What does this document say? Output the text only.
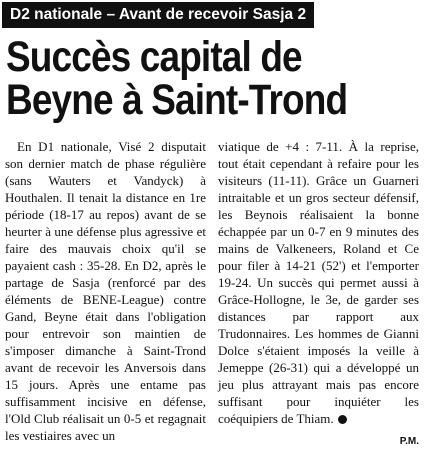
D2 nationale – Avant de recevoir Sasja 2
Succès capital de
Beyne à Saint-Trond

En D1 nationale, Visé 2 disputait son dernier match de phase régulière (sans Wauters et Vandyck) à Houthalen. Il tenait la distance en 1re période (18-17 au repos) avant de se heurter à une défense plus agressive et faire des mauvais choix qu'il se payaient cash : 35-28. En D2, après le partage de Sasja (renforcé par des éléments de BENE-League) contre Gand, Beyne était dans l'obligation pour entrevoir son maintien de s'imposer dimanche à Saint-Trond avant de recevoir les Anversois dans 15 jours. Après une entame pas suffisamment incisive en défense, l'Old Club réalisait un 0-5 et regagnait les vestiaires avec un

viatique de +4 : 7-11. À la reprise, tout était cependant à refaire pour les visiteurs (11-11). Grâce un Guarneri intraitable et un gros secteur défensif, les Beynois réalisaient la bonne échappée par un 0-7 en 9 minutes des mains de Valkeneers, Roland et Ce pour filer à 14-21 (52') et l'emporter 19-24. Un succès qui permet aussi à Grâce-Hollogne, le 3e, de garder ses distances par rapport aux Trudonnaires. Les hommes de Gianni Dolce s'étaient imposés la veille à Jemeppe (26-31) qui a développé un jeu plus attrayant mais pas encore suffisant pour inquiéter les coéquipiers de Thiam.

P.M.
